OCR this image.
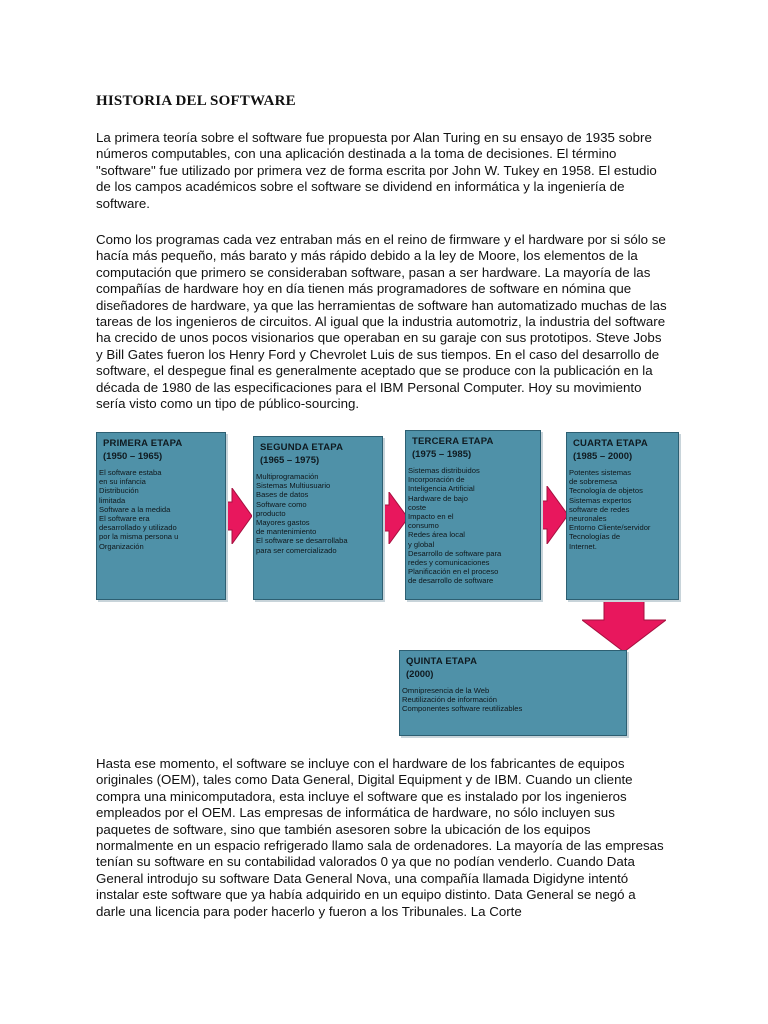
HISTORIA DEL SOFTWARE

La primera teoría sobre el software fue propuesta por Alan Turing en su ensayo de 1935 sobre números computables, con una aplicación destinada a la toma de decisiones. El término "software" fue utilizado por primera vez de forma escrita por John W. Tukey en 1958. El estudio de los campos académicos sobre el software se dividend en informática y la ingeniería de software.

Como los programas cada vez entraban más en el reino de firmware y el hardware por si sólo se hacía más pequeño, más barato y más rápido debido a la ley de Moore, los elementos de la computación que primero se consideraban software, pasan a ser hardware. La mayoría de las compañías de hardware hoy en día tienen más programadores de software en nómina que diseñadores de hardware, ya que las herramientas de software han automatizado muchas de las tareas de los ingenieros de circuitos. Al igual que la industria automotriz, la industria del software ha crecido de unos pocos visionarios que operaban en su garaje con sus prototipos. Steve Jobs y Bill Gates fueron los Henry Ford y Chevrolet Luis de sus tiempos. En el caso del desarrollo de software, el despegue final es generalmente aceptado que se produce con la publicación en la década de 1980 de las especificaciones para el IBM Personal Computer. Hoy su movimiento sería visto como un tipo de público-sourcing.

PRIMERA ETAPA
(1950 – 1965)
El software estaba
en su infancia
Distribución
limitada
Software a la medida
El software era
desarrollado y utilizado
por la misma persona u
Organización
SEGUNDA ETAPA
(1965 – 1975)
Multiprogramación
Sistemas Multiusuario
Bases de datos
Software como
producto
Mayores gastos
de mantenimiento
El software se desarrollaba
para ser comercializado
TERCERA ETAPA
(1975 – 1985)
Sistemas distribuidos
Incorporación de
Inteligencia Artificial
Hardware de bajo
coste
Impacto en el
consumo
Redes área local
y global
Desarrollo de software para
redes y comunicaciones
Planificación en el proceso
de desarrollo de software
CUARTA ETAPA
(1985 – 2000)
Potentes sistemas
de sobremesa
Tecnología de objetos
Sistemas expertos
software de redes
neuronales
Entorno Cliente/servidor
Tecnologías de
Internet.
QUINTA ETAPA
(2000)
Omnipresencia de la Web
Reutilización de información
Componentes software reutilizables

Hasta ese momento, el software se incluye con el hardware de los fabricantes de equipos originales (OEM), tales como Data General, Digital Equipment y de IBM. Cuando un cliente compra una minicomputadora, esta incluye el software que es instalado por los ingenieros empleados por el OEM. Las empresas de informática de hardware, no sólo incluyen sus paquetes de software, sino que también asesoren sobre la ubicación de los equipos normalmente en un espacio refrigerado llamo sala de ordenadores. La mayoría de las empresas tenían su software en su contabilidad valorados 0 ya que no podían venderlo. Cuando Data General introdujo su software Data General Nova, una compañía llamada Digidyne intentó instalar este software que ya había adquirido en un equipo distinto. Data General se negó a darle una licencia para poder hacerlo y fueron a los Tribunales. La Corte
